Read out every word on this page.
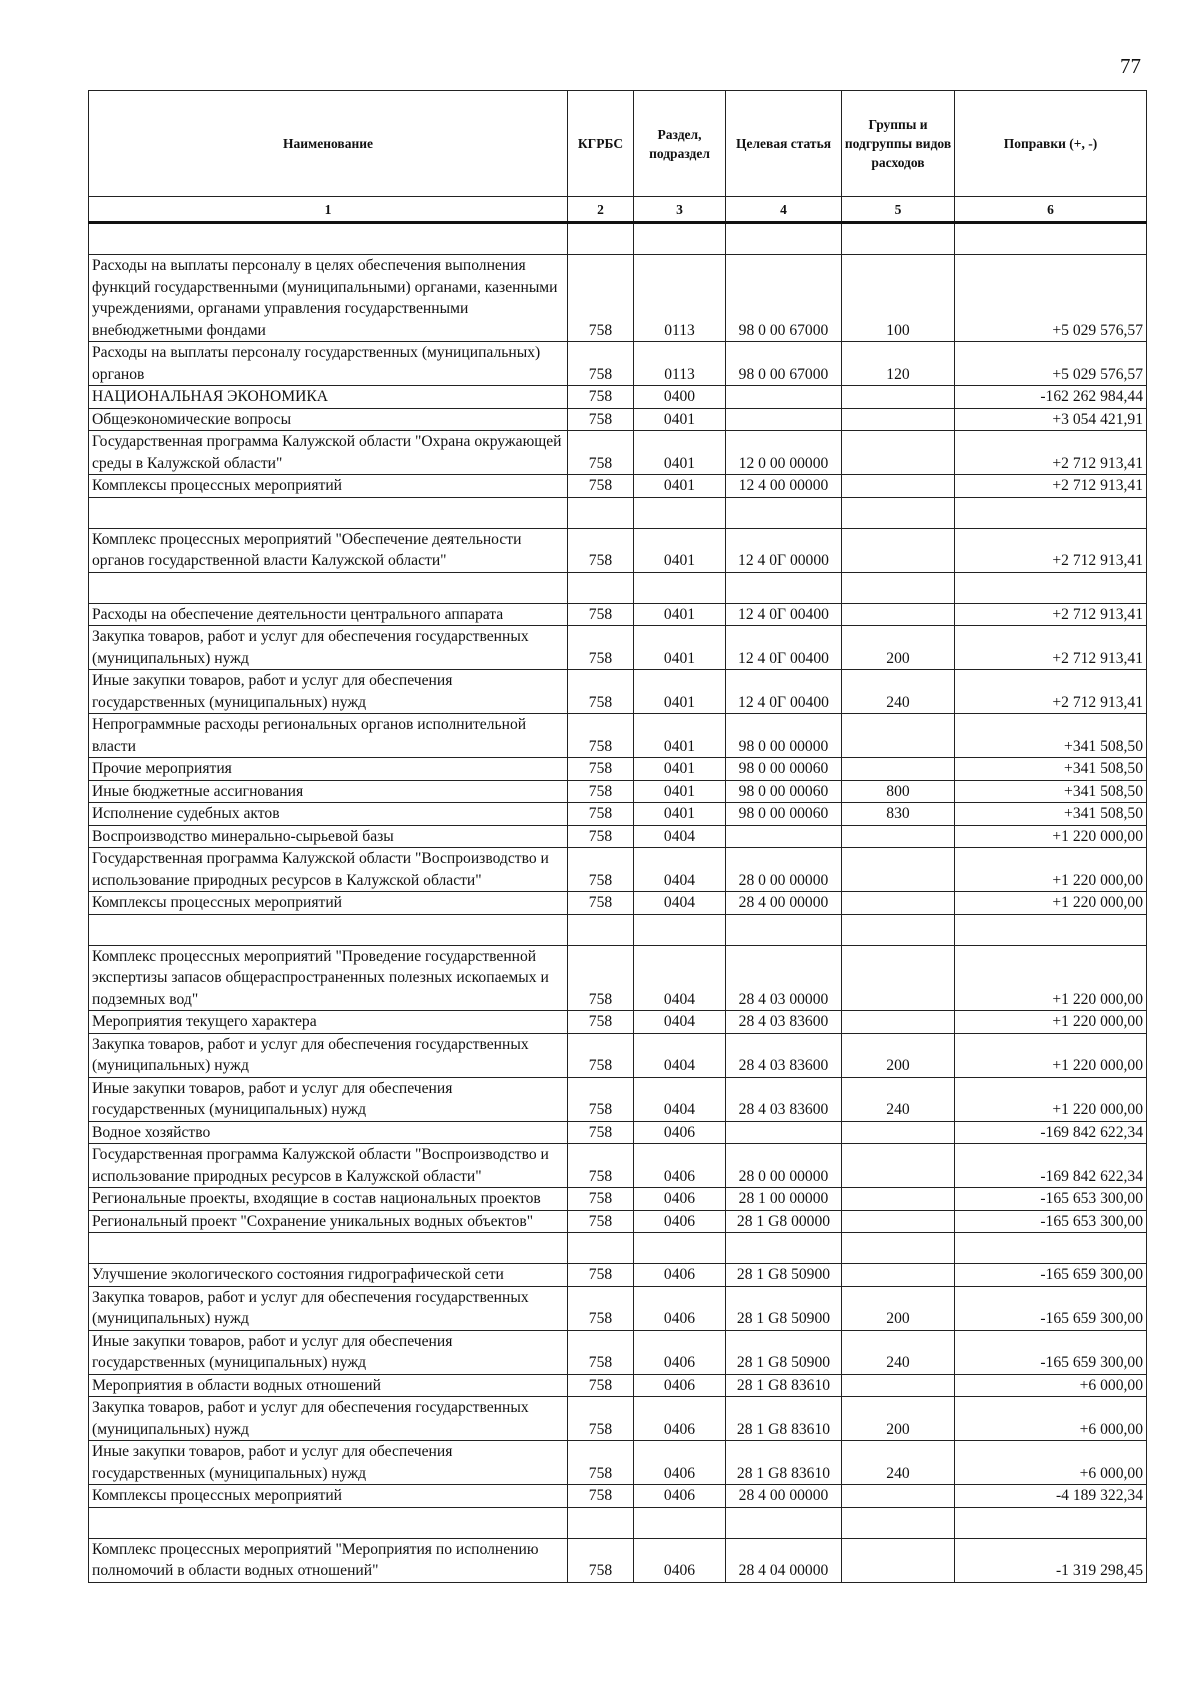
77
Наименование	КГРБС	Раздел, подраздел	Целевая статья	Группы и подгруппы видов расходов	Поправки (+, -)
1	2	3	4	5	6

Расходы на выплаты персоналу в целях обеспечения выполнения функций государственными (муниципальными) органами, казенными учреждениями, органами управления государственными внебюджетными фондами	758	0113	98 0 00 67000	100	+5 029 576,57
Расходы на выплаты персоналу государственных (муниципальных) органов	758	0113	98 0 00 67000	120	+5 029 576,57
НАЦИОНАЛЬНАЯ ЭКОНОМИКА	758	0400			-162 262 984,44
Общеэкономические вопросы	758	0401			+3 054 421,91
Государственная программа Калужской области "Охрана окружающей среды в Калужской области"	758	0401	12 0 00 00000		+2 712 913,41
Комплексы процессных мероприятий	758	0401	12 4 00 00000		+2 712 913,41

Комплекс процессных мероприятий "Обеспечение деятельности органов государственной власти Калужской области"	758	0401	12 4 0Г 00000		+2 712 913,41

Расходы на обеспечение деятельности центрального аппарата	758	0401	12 4 0Г 00400		+2 712 913,41
Закупка товаров, работ и услуг для обеспечения государственных (муниципальных) нужд	758	0401	12 4 0Г 00400	200	+2 712 913,41
Иные закупки товаров, работ и услуг для обеспечения государственных (муниципальных) нужд	758	0401	12 4 0Г 00400	240	+2 712 913,41
Непрограммные расходы региональных органов исполнительной власти	758	0401	98 0 00 00000		+341 508,50
Прочие мероприятия	758	0401	98 0 00 00060		+341 508,50
Иные бюджетные ассигнования	758	0401	98 0 00 00060	800	+341 508,50
Исполнение судебных актов	758	0401	98 0 00 00060	830	+341 508,50
Воспроизводство минерально-сырьевой базы	758	0404			+1 220 000,00
Государственная программа Калужской области "Воспроизводство и использование природных ресурсов в Калужской области"	758	0404	28 0 00 00000		+1 220 000,00
Комплексы процессных мероприятий	758	0404	28 4 00 00000		+1 220 000,00

Комплекс процессных мероприятий "Проведение государственной экспертизы запасов общераспространенных полезных ископаемых и подземных вод"	758	0404	28 4 03 00000		+1 220 000,00
Мероприятия текущего характера	758	0404	28 4 03 83600		+1 220 000,00
Закупка товаров, работ и услуг для обеспечения государственных (муниципальных) нужд	758	0404	28 4 03 83600	200	+1 220 000,00
Иные закупки товаров, работ и услуг для обеспечения государственных (муниципальных) нужд	758	0404	28 4 03 83600	240	+1 220 000,00
Водное хозяйство	758	0406			-169 842 622,34
Государственная программа Калужской области "Воспроизводство и использование природных ресурсов в Калужской области"	758	0406	28 0 00 00000		-169 842 622,34
Региональные проекты, входящие в состав национальных проектов	758	0406	28 1 00 00000		-165 653 300,00
Региональный проект "Сохранение уникальных водных объектов"	758	0406	28 1 G8 00000		-165 653 300,00

Улучшение экологического состояния гидрографической сети	758	0406	28 1 G8 50900		-165 659 300,00
Закупка товаров, работ и услуг для обеспечения государственных (муниципальных) нужд	758	0406	28 1 G8 50900	200	-165 659 300,00
Иные закупки товаров, работ и услуг для обеспечения государственных (муниципальных) нужд	758	0406	28 1 G8 50900	240	-165 659 300,00
Мероприятия в области водных отношений	758	0406	28 1 G8 83610		+6 000,00
Закупка товаров, работ и услуг для обеспечения государственных (муниципальных) нужд	758	0406	28 1 G8 83610	200	+6 000,00
Иные закупки товаров, работ и услуг для обеспечения государственных (муниципальных) нужд	758	0406	28 1 G8 83610	240	+6 000,00
Комплексы процессных мероприятий	758	0406	28 4 00 00000		-4 189 322,34

Комплекс процессных мероприятий "Мероприятия по исполнению полномочий в области водных отношений"	758	0406	28 4 04 00000		-1 319 298,45
